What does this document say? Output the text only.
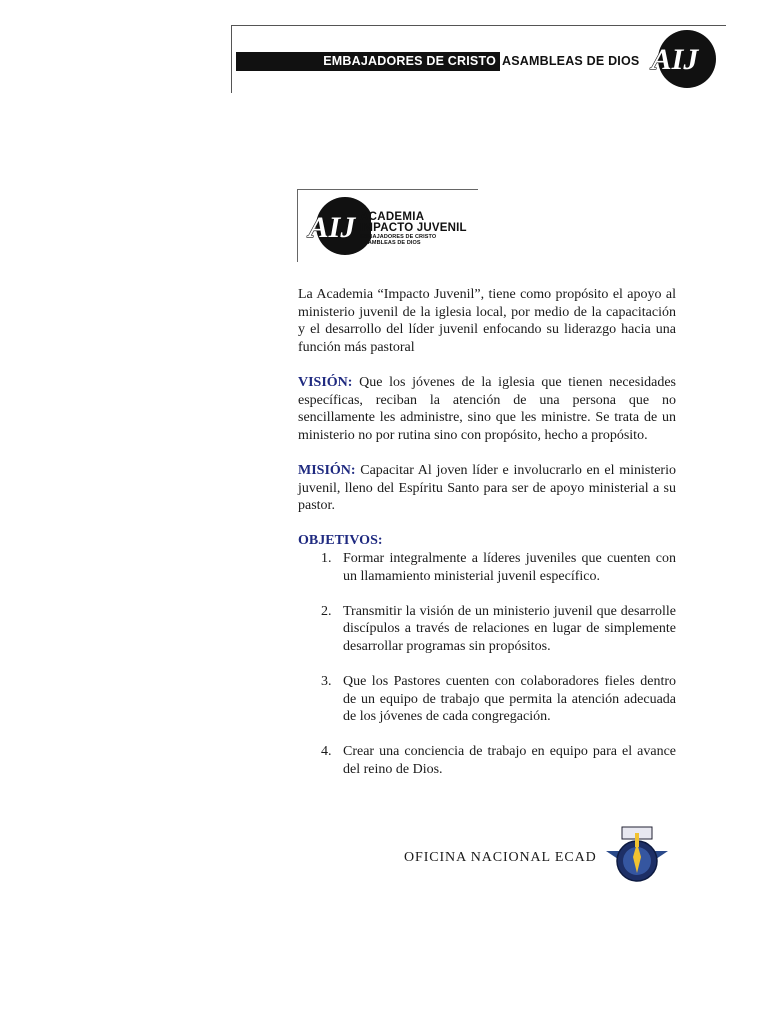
EMBAJADORES DE CRISTO ASAMBLEAS DE DIOS AIJ
AIJ ACADEMIA
IMPACTO JUVENIL
EMBAJADORES DE CRISTO
ASAMBLEAS DE DIOS

La Academia “Impacto Juvenil”, tiene como propósito el apoyo al ministerio juvenil de la iglesia local, por medio de la capacitación y el desarrollo del líder juvenil enfocando su liderazgo hacia una función más pastoral

VISIÓN: Que los jóvenes de la iglesia que tienen necesidades específicas, reciban la atención de una persona que no sencillamente les administre, sino que les ministre. Se trata de un ministerio no por rutina sino con propósito, hecho a propósito.

MISIÓN: Capacitar Al joven líder e involucrarlo en el ministerio juvenil, lleno del Espíritu Santo para ser de apoyo ministerial a su pastor.

OBJETIVOS:
1. Formar integralmente a líderes juveniles que cuenten con un llamamiento ministerial juvenil específico.
2. Transmitir la visión de un ministerio juvenil que desarrolle discípulos a través de relaciones en lugar de simplemente desarrollar programas sin propósitos.
3. Que los Pastores cuenten con colaboradores fieles dentro de un equipo de trabajo que permita la atención adecuada de los jóvenes de cada congregación.
4. Crear una conciencia de trabajo en equipo para el avance del reino de Dios.
OFICINA NACIONAL ECAD
